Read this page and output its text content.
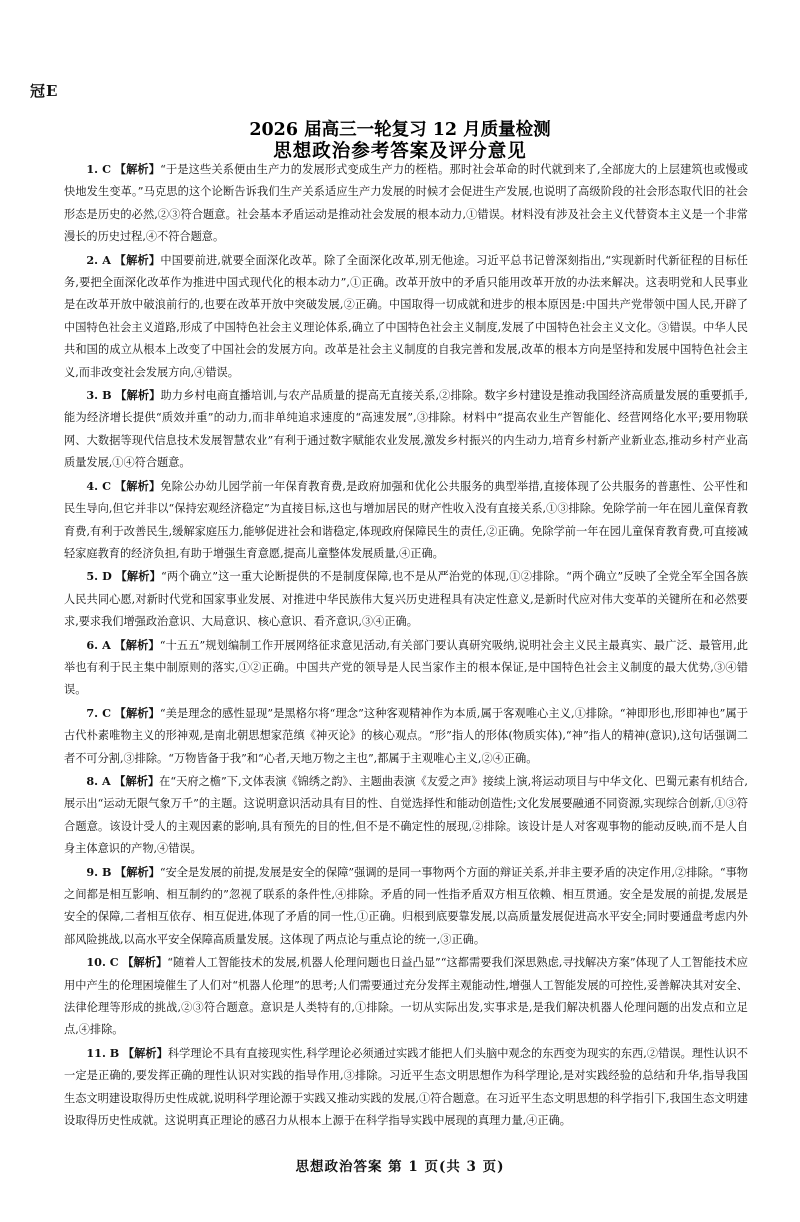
冠E
2026 届高三一轮复习 12 月质量检测
思想政治参考答案及评分意见

1. C 【解析】“于是这些关系便由生产力的发展形式变成生产力的桎梏。那时社会革命的时代就到来了,全部庞大的上层建筑也或慢或快地发生变革。”马克思的这个论断告诉我们生产关系适应生产力发展的时候才会促进生产发展,也说明了高级阶段的社会形态取代旧的社会形态是历史的必然,②③符合题意。社会基本矛盾运动是推动社会发展的根本动力,①错误。材料没有涉及社会主义代替资本主义是一个非常漫长的历史过程,④不符合题意。

2. A 【解析】中国要前进,就要全面深化改革。除了全面深化改革,别无他途。习近平总书记曾深刻指出,“实现新时代新征程的目标任务,要把全面深化改革作为推进中国式现代化的根本动力”,①正确。改革开放中的矛盾只能用改革开放的办法来解决。这表明党和人民事业是在改革开放中破浪前行的,也要在改革开放中突破发展,②正确。中国取得一切成就和进步的根本原因是:中国共产党带领中国人民,开辟了中国特色社会主义道路,形成了中国特色社会主义理论体系,确立了中国特色社会主义制度,发展了中国特色社会主义文化。③错误。中华人民共和国的成立从根本上改变了中国社会的发展方向。改革是社会主义制度的自我完善和发展,改革的根本方向是坚持和发展中国特色社会主义,而非改变社会发展方向,④错误。

3. B 【解析】助力乡村电商直播培训,与农产品质量的提高无直接关系,②排除。数字乡村建设是推动我国经济高质量发展的重要抓手,能为经济增长提供“质效并重”的动力,而非单纯追求速度的“高速发展”,③排除。材料中“提高农业生产智能化、经营网络化水平;要用物联网、大数据等现代信息技术发展智慧农业”有利于通过数字赋能农业发展,激发乡村振兴的内生动力,培育乡村新产业新业态,推动乡村产业高质量发展,①④符合题意。

4. C 【解析】免除公办幼儿园学前一年保育教育费,是政府加强和优化公共服务的典型举措,直接体现了公共服务的普惠性、公平性和民生导向,但它并非以“保持宏观经济稳定”为直接目标,这也与增加居民的财产性收入没有直接关系,①③排除。免除学前一年在园儿童保育教育费,有利于改善民生,缓解家庭压力,能够促进社会和谐稳定,体现政府保障民生的责任,②正确。免除学前一年在园儿童保育教育费,可直接减轻家庭教育的经济负担,有助于增强生育意愿,提高儿童整体发展质量,④正确。

5. D 【解析】“两个确立”这一重大论断提供的不是制度保障,也不是从严治党的体现,①②排除。“两个确立”反映了全党全军全国各族人民共同心愿,对新时代党和国家事业发展、对推进中华民族伟大复兴历史进程具有决定性意义,是新时代应对伟大变革的关键所在和必然要求,要求我们增强政治意识、大局意识、核心意识、看齐意识,③④正确。

6. A 【解析】“十五五”规划编制工作开展网络征求意见活动,有关部门要认真研究吸纳,说明社会主义民主最真实、最广泛、最管用,此举也有利于民主集中制原则的落实,①②正确。中国共产党的领导是人民当家作主的根本保证,是中国特色社会主义制度的最大优势,③④错误。

7. C 【解析】“美是理念的感性显现”是黑格尔将“理念”这种客观精神作为本质,属于客观唯心主义,①排除。“神即形也,形即神也”属于古代朴素唯物主义的形神观,是南北朝思想家范缜《神灭论》的核心观点。“形”指人的形体(物质实体),“神”指人的精神(意识),这句话强调二者不可分割,③排除。“万物皆备于我”和“心者,天地万物之主也”,都属于主观唯心主义,②④正确。

8. A 【解析】在“天府之檐”下,文体表演《锦绣之韵》、主题曲表演《友爱之声》接续上演,将运动项目与中华文化、巴蜀元素有机结合,展示出“运动无限气象万千”的主题。这说明意识活动具有目的性、自觉选择性和能动创造性;文化发展要融通不同资源,实现综合创新,①③符合题意。该设计受人的主观因素的影响,具有预先的目的性,但不是不确定性的展现,②排除。该设计是人对客观事物的能动反映,而不是人自身主体意识的产物,④错误。

9. B 【解析】“安全是发展的前提,发展是安全的保障”强调的是同一事物两个方面的辩证关系,并非主要矛盾的决定作用,②排除。“事物之间都是相互影响、相互制约的”忽视了联系的条件性,④排除。矛盾的同一性指矛盾双方相互依赖、相互贯通。安全是发展的前提,发展是安全的保障,二者相互依存、相互促进,体现了矛盾的同一性,①正确。归根到底要靠发展,以高质量发展促进高水平安全;同时要通盘考虑内外部风险挑战,以高水平安全保障高质量发展。这体现了两点论与重点论的统一,③正确。

10. C 【解析】“随着人工智能技术的发展,机器人伦理问题也日益凸显”“这都需要我们深思熟虑,寻找解决方案”体现了人工智能技术应用中产生的伦理困境催生了人们对“机器人伦理”的思考;人们需要通过充分发挥主观能动性,增强人工智能发展的可控性,妥善解决其对安全、法律伦理等形成的挑战,②③符合题意。意识是人类特有的,①排除。一切从实际出发,实事求是,是我们解决机器人伦理问题的出发点和立足点,④排除。

11. B 【解析】科学理论不具有直接现实性,科学理论必须通过实践才能把人们头脑中观念的东西变为现实的东西,②错误。理性认识不一定是正确的,要发挥正确的理性认识对实践的指导作用,③排除。习近平生态文明思想作为科学理论,是对实践经验的总结和升华,指导我国生态文明建设取得历史性成就,说明科学理论源于实践又推动实践的发展,①符合题意。在习近平生态文明思想的科学指引下,我国生态文明建设取得历史性成就。这说明真正理论的感召力从根本上源于在科学指导实践中展现的真理力量,④正确。

思想政治答案 第 1 页(共 3 页)
